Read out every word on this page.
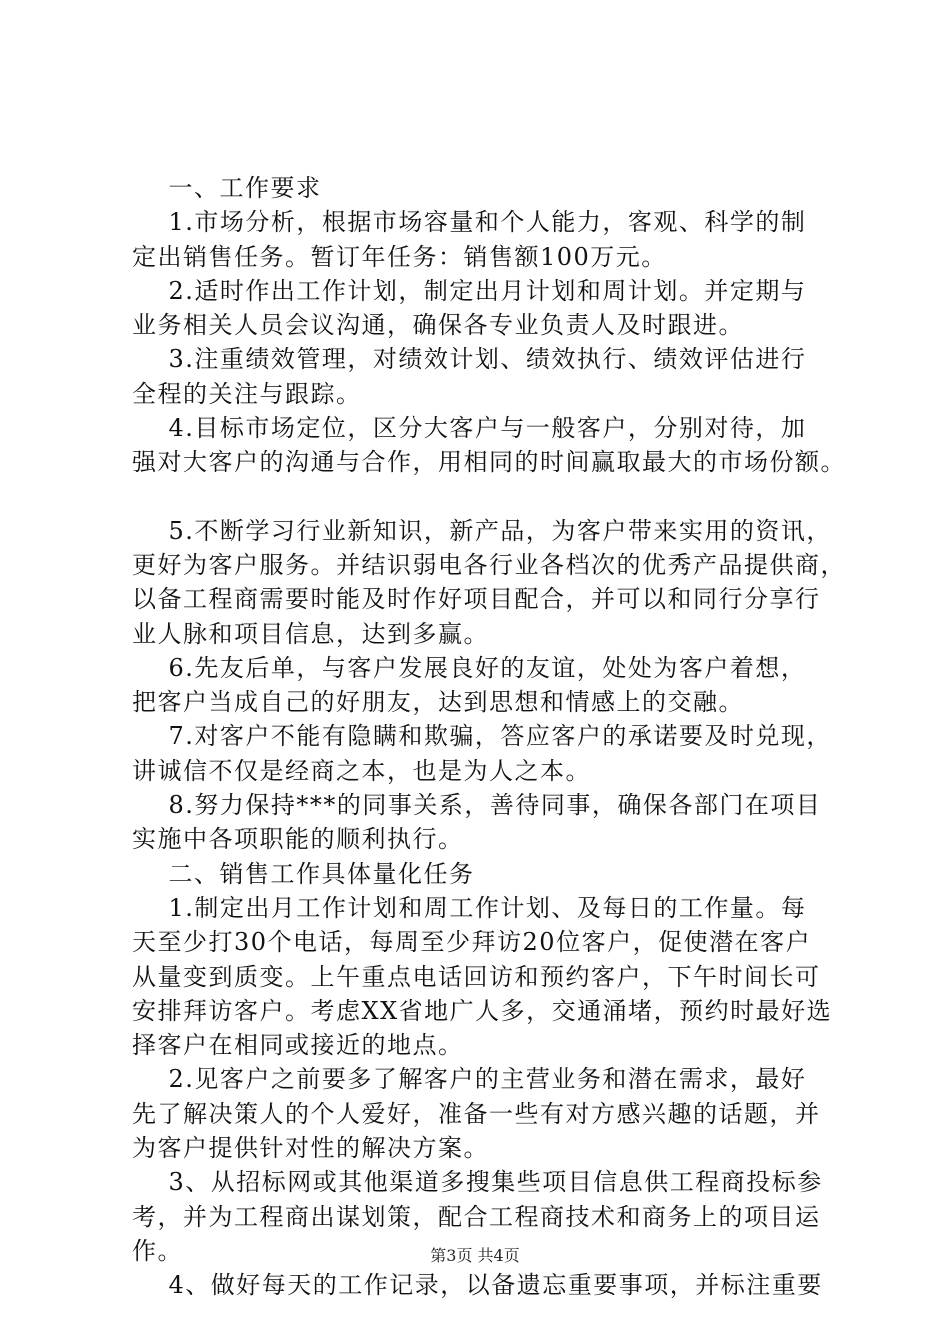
一、工作要求
1.市场分析，根据市场容量和个人能力，客观、科学的制
定出销售任务。暂订年任务：销售额100万元。
2.适时作出工作计划，制定出月计划和周计划。并定期与
业务相关人员会议沟通，确保各专业负责人及时跟进。
3.注重绩效管理，对绩效计划、绩效执行、绩效评估进行
全程的关注与跟踪。
4.目标市场定位，区分大客户与一般客户，分别对待，加
强对大客户的沟通与合作，用相同的时间赢取最大的市场份额。
5.不断学习行业新知识，新产品，为客户带来实用的资讯，
更好为客户服务。并结识弱电各行业各档次的优秀产品提供商，
以备工程商需要时能及时作好项目配合，并可以和同行分享行
业人脉和项目信息，达到多赢。
6.先友后单，与客户发展良好的友谊，处处为客户着想，
把客户当成自己的好朋友，达到思想和情感上的交融。
7.对客户不能有隐瞒和欺骗，答应客户的承诺要及时兑现，
讲诚信不仅是经商之本，也是为人之本。
8.努力保持***的同事关系，善待同事，确保各部门在项目
实施中各项职能的顺利执行。
二、销售工作具体量化任务
1.制定出月工作计划和周工作计划、及每日的工作量。每
天至少打30个电话，每周至少拜访20位客户，促使潜在客户
从量变到质变。上午重点电话回访和预约客户，下午时间长可
安排拜访客户。考虑XX省地广人多，交通涌堵，预约时最好选
择客户在相同或接近的地点。
2.见客户之前要多了解客户的主营业务和潜在需求，最好
先了解决策人的个人爱好，准备一些有对方感兴趣的话题，并
为客户提供针对性的解决方案。
3、从招标网或其他渠道多搜集些项目信息供工程商投标参
考，并为工程商出谋划策，配合工程商技术和商务上的项目运
作。
4、做好每天的工作记录，以备遗忘重要事项，并标注重要
第3页 共4页
